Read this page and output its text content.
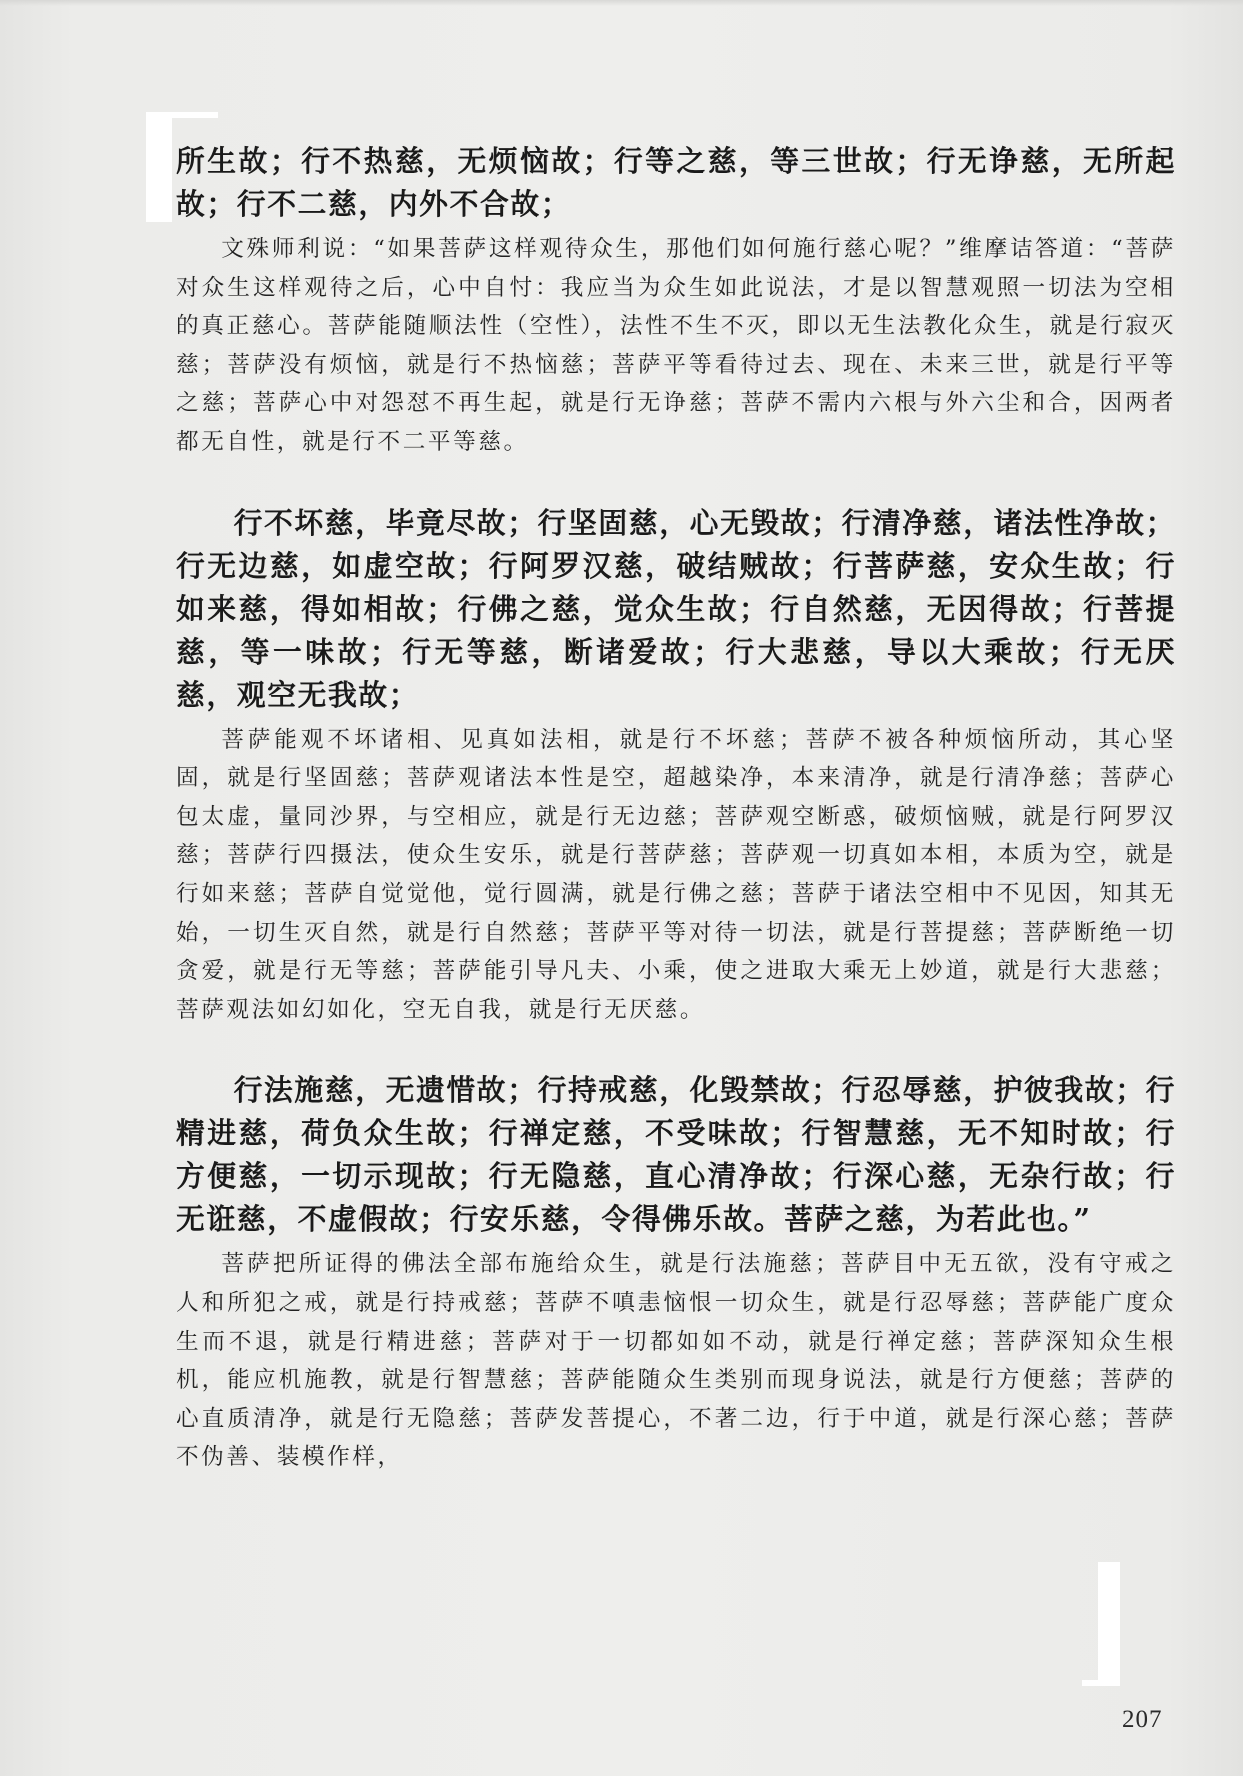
所生故；行不热慈，无烦恼故；行等之慈，等三世故；行无诤慈，无所起故；行不二慈，内外不合故；

文殊师利说：“如果菩萨这样观待众生，那他们如何施行慈心呢？”维摩诘答道：“菩萨对众生这样观待之后，心中自忖：我应当为众生如此说法，才是以智慧观照一切法为空相的真正慈心。菩萨能随顺法性（空性），法性不生不灭，即以无生法教化众生，就是行寂灭慈；菩萨没有烦恼，就是行不热恼慈；菩萨平等看待过去、现在、未来三世，就是行平等之慈；菩萨心中对怨怼不再生起，就是行无诤慈；菩萨不需内六根与外六尘和合，因两者都无自性，就是行不二平等慈。

行不坏慈，毕竟尽故；行坚固慈，心无毁故；行清净慈，诸法性净故；行无边慈，如虚空故；行阿罗汉慈，破结贼故；行菩萨慈，安众生故；行如来慈，得如相故；行佛之慈，觉众生故；行自然慈，无因得故；行菩提慈，等一味故；行无等慈，断诸爱故；行大悲慈，导以大乘故；行无厌慈，观空无我故；

菩萨能观不坏诸相、见真如法相，就是行不坏慈；菩萨不被各种烦恼所动，其心坚固，就是行坚固慈；菩萨观诸法本性是空，超越染净，本来清净，就是行清净慈；菩萨心包太虚，量同沙界，与空相应，就是行无边慈；菩萨观空断惑，破烦恼贼，就是行阿罗汉慈；菩萨行四摄法，使众生安乐，就是行菩萨慈；菩萨观一切真如本相，本质为空，就是行如来慈；菩萨自觉觉他，觉行圆满，就是行佛之慈；菩萨于诸法空相中不见因，知其无始，一切生灭自然，就是行自然慈；菩萨平等对待一切法，就是行菩提慈；菩萨断绝一切贪爱，就是行无等慈；菩萨能引导凡夫、小乘，使之进取大乘无上妙道，就是行大悲慈；菩萨观法如幻如化，空无自我，就是行无厌慈。

行法施慈，无遗惜故；行持戒慈，化毁禁故；行忍辱慈，护彼我故；行精进慈，荷负众生故；行禅定慈，不受味故；行智慧慈，无不知时故；行方便慈，一切示现故；行无隐慈，直心清净故；行深心慈，无杂行故；行无诳慈，不虚假故；行安乐慈，令得佛乐故。菩萨之慈，为若此也。”

菩萨把所证得的佛法全部布施给众生，就是行法施慈；菩萨目中无五欲，没有守戒之人和所犯之戒，就是行持戒慈；菩萨不嗔恚恼恨一切众生，就是行忍辱慈；菩萨能广度众生而不退，就是行精进慈；菩萨对于一切都如如不动，就是行禅定慈；菩萨深知众生根机，能应机施教，就是行智慧慈；菩萨能随众生类别而现身说法，就是行方便慈；菩萨的心直质清净，就是行无隐慈；菩萨发菩提心，不著二边，行于中道，就是行深心慈；菩萨不伪善、装模作样，

207
